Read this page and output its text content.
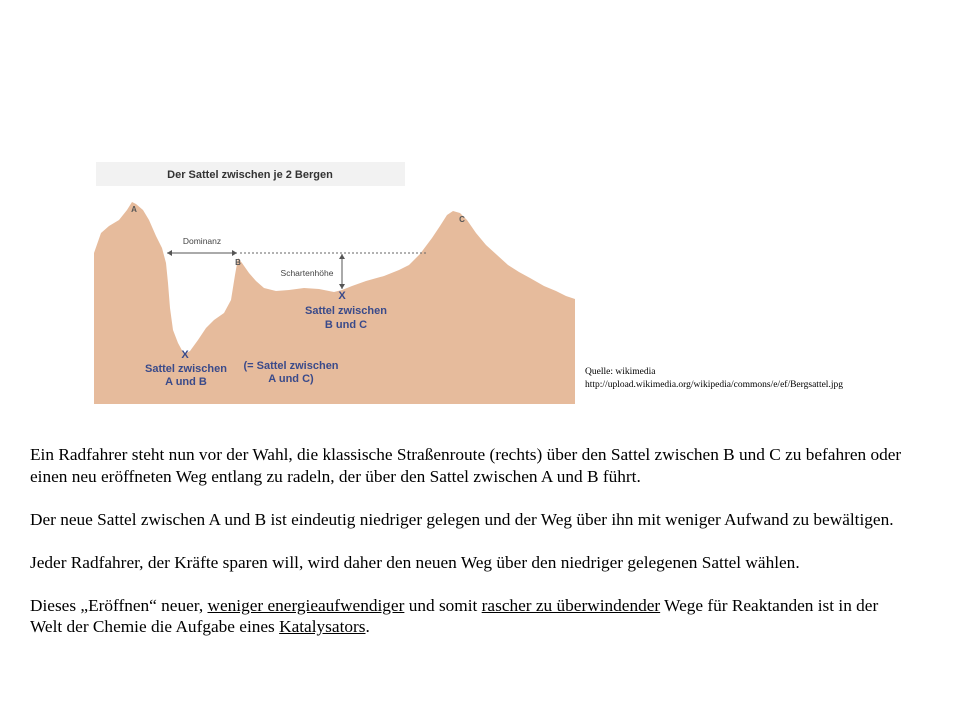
Der Sattel zwischen je 2 Bergen
Dominanz
Schartenhöhe
A
B
C
X
X
Sattel zwischen
B und C
Sattel zwischen
A und B
(= Sattel zwischen
A und C)
Quelle: wikimedia
http://upload.wikimedia.org/wikipedia/commons/e/ef/Bergsattel.jpg

Ein Radfahrer steht nun vor der Wahl, die klassische Straßenroute (rechts) über den Sattel zwischen B und C zu befahren oder einen neu eröffneten Weg entlang zu radeln, der über den Sattel zwischen A und B führt.

Der neue Sattel zwischen A und B ist eindeutig niedriger gelegen und der Weg über ihn mit weniger Aufwand zu bewältigen.

Jeder Radfahrer, der Kräfte sparen will, wird daher den neuen Weg über den niedriger gelegenen Sattel wählen.

Dieses „Eröffnen“ neuer, weniger energieaufwendiger und somit rascher zu überwindender Wege für Reaktanden ist in der Welt der Chemie die Aufgabe eines Katalysators.
